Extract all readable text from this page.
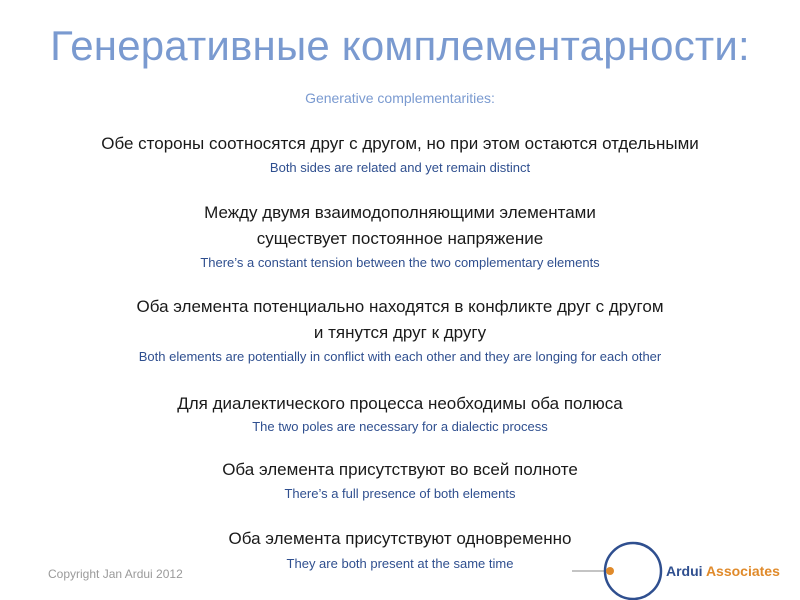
Генеративные комплементарности:
Generative complementarities:
Обе стороны соотносятся друг с другом, но при этом остаются отдельными
Both sides are related and yet remain distinct
Между двумя взаимодополняющими элементами
существует постоянное напряжение
There’s a constant tension between the two complementary elements
Оба элемента потенциально находятся в конфликте друг с другом
и тянутся друг к другу
Both elements are potentially in conflict with each other and they are longing for each other
Для диалектического процесса необходимы оба полюса
The two poles are necessary for a dialectic process
Оба элемента присутствуют во всей полноте
There’s a full presence of both elements
Оба элемента присутствуют одновременно
They are both present at the same time
Copyright Jan Ardui 2012	Ardui Associates
